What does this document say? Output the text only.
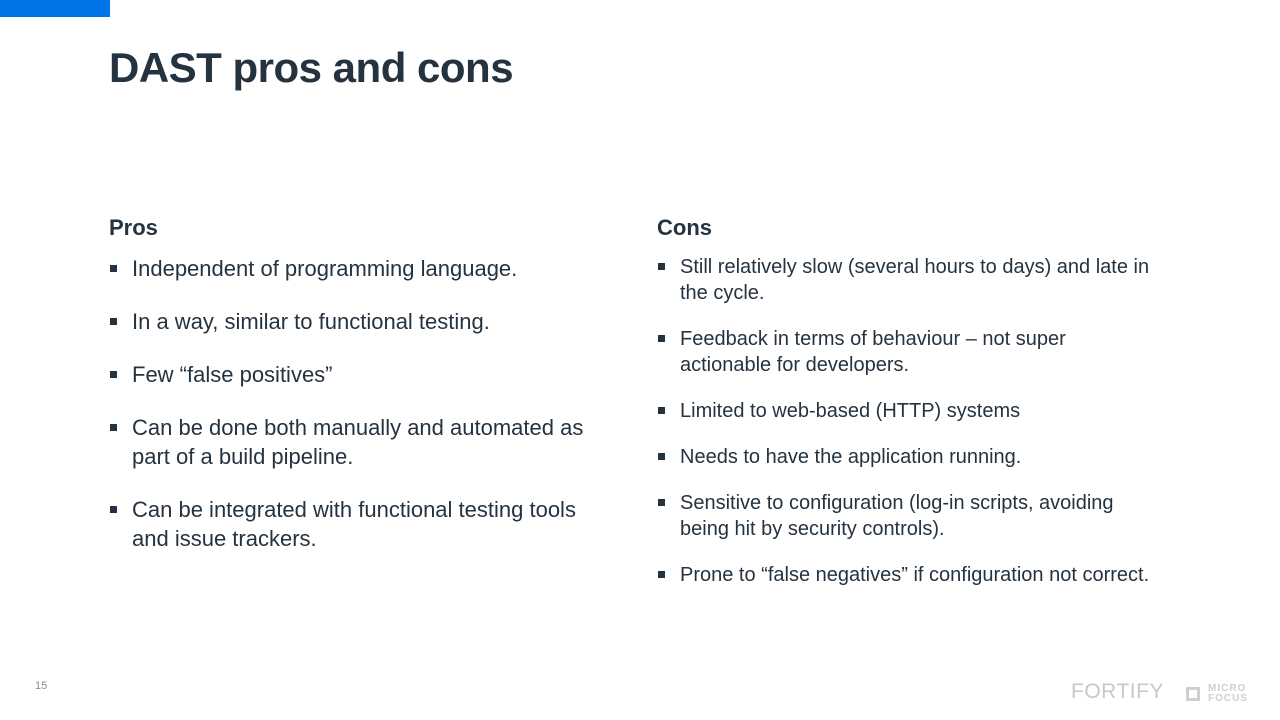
DAST pros and cons
Pros
Independent of programming language.
In a way, similar to functional testing.
Few “false positives”
Can be done both manually and automated as part of a build pipeline.
Can be integrated with functional testing tools and issue trackers.
Cons
Still relatively slow (several hours to days) and late in the cycle.
Feedback in terms of behaviour – not super actionable for developers.
Limited to web-based (HTTP) systems
Needs to have the application running.
Sensitive to configuration (log-in scripts, avoiding being hit by security controls).
Prone to “false negatives” if configuration not correct.
15	FORTIFY	MICRO
FOCUS
